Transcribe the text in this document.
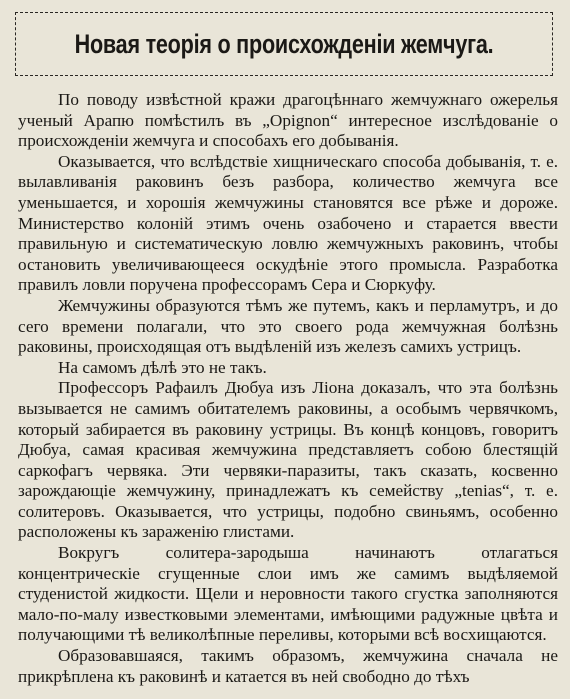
Новая теорія о происхожденіи жемчуга.

По поводу извѣстной кражи драгоцѣннаго жемчужнаго ожерелья ученый Арапю помѣстилъ въ „Opignon“ интересное изслѣдованіе о происхожденіи жемчуга и способахъ его добыванія.

Оказывается, что вслѣдствіе хищническаго способа добыванія, т. е. вылавливанія раковинъ безъ разбора, количество жемчуга все уменьшается, и хорошія жемчужины становятся все рѣже и дороже. Министерство колоній этимъ очень озабочено и старается ввести правильную и систематическую ловлю жемчужныхъ раковинъ, чтобы остановить увеличивающееся оскудѣніе этого промысла. Разработка правилъ ловли поручена профессорамъ Сера и Сюркуфу.

Жемчужины образуются тѣмъ же путемъ, какъ и перламутръ, и до сего времени полагали, что это своего рода жемчужная болѣзнь раковины, происходящая отъ выдѣленій изъ железъ самихъ устрицъ.

На самомъ дѣлѣ это не такъ.

Профессоръ Рафаилъ Дюбуа изъ Ліона доказалъ, что эта болѣзнь вызывается не самимъ обитателемъ раковины, а особымъ червячкомъ, который забирается въ раковину устрицы. Въ концѣ концовъ, говоритъ Дюбуа, самая красивая жемчужина представляетъ собою блестящій саркофагъ червяка. Эти червяки-паразиты, такъ сказать, косвенно зарождающіе жемчужину, принадлежатъ къ семейству „tenias“, т. е. солитеровъ. Оказывается, что устрицы, подобно свиньямъ, особенно расположены къ зараженію глистами.

Вокругъ солитера-зародыша начинаютъ отлагаться концентрическіе сгущенные слои имъ же самимъ выдѣляемой студенистой жидкости. Щели и неровности такого сгустка заполняются мало-по-малу известковыми элементами, имѣющими радужные цвѣта и получающими тѣ великолѣпные переливы, которыми всѣ восхищаются.

Образовавшаяся, такимъ образомъ, жемчужина сначала не прикрѣплена къ раковинѣ и катается въ ней свободно до тѣхъ
